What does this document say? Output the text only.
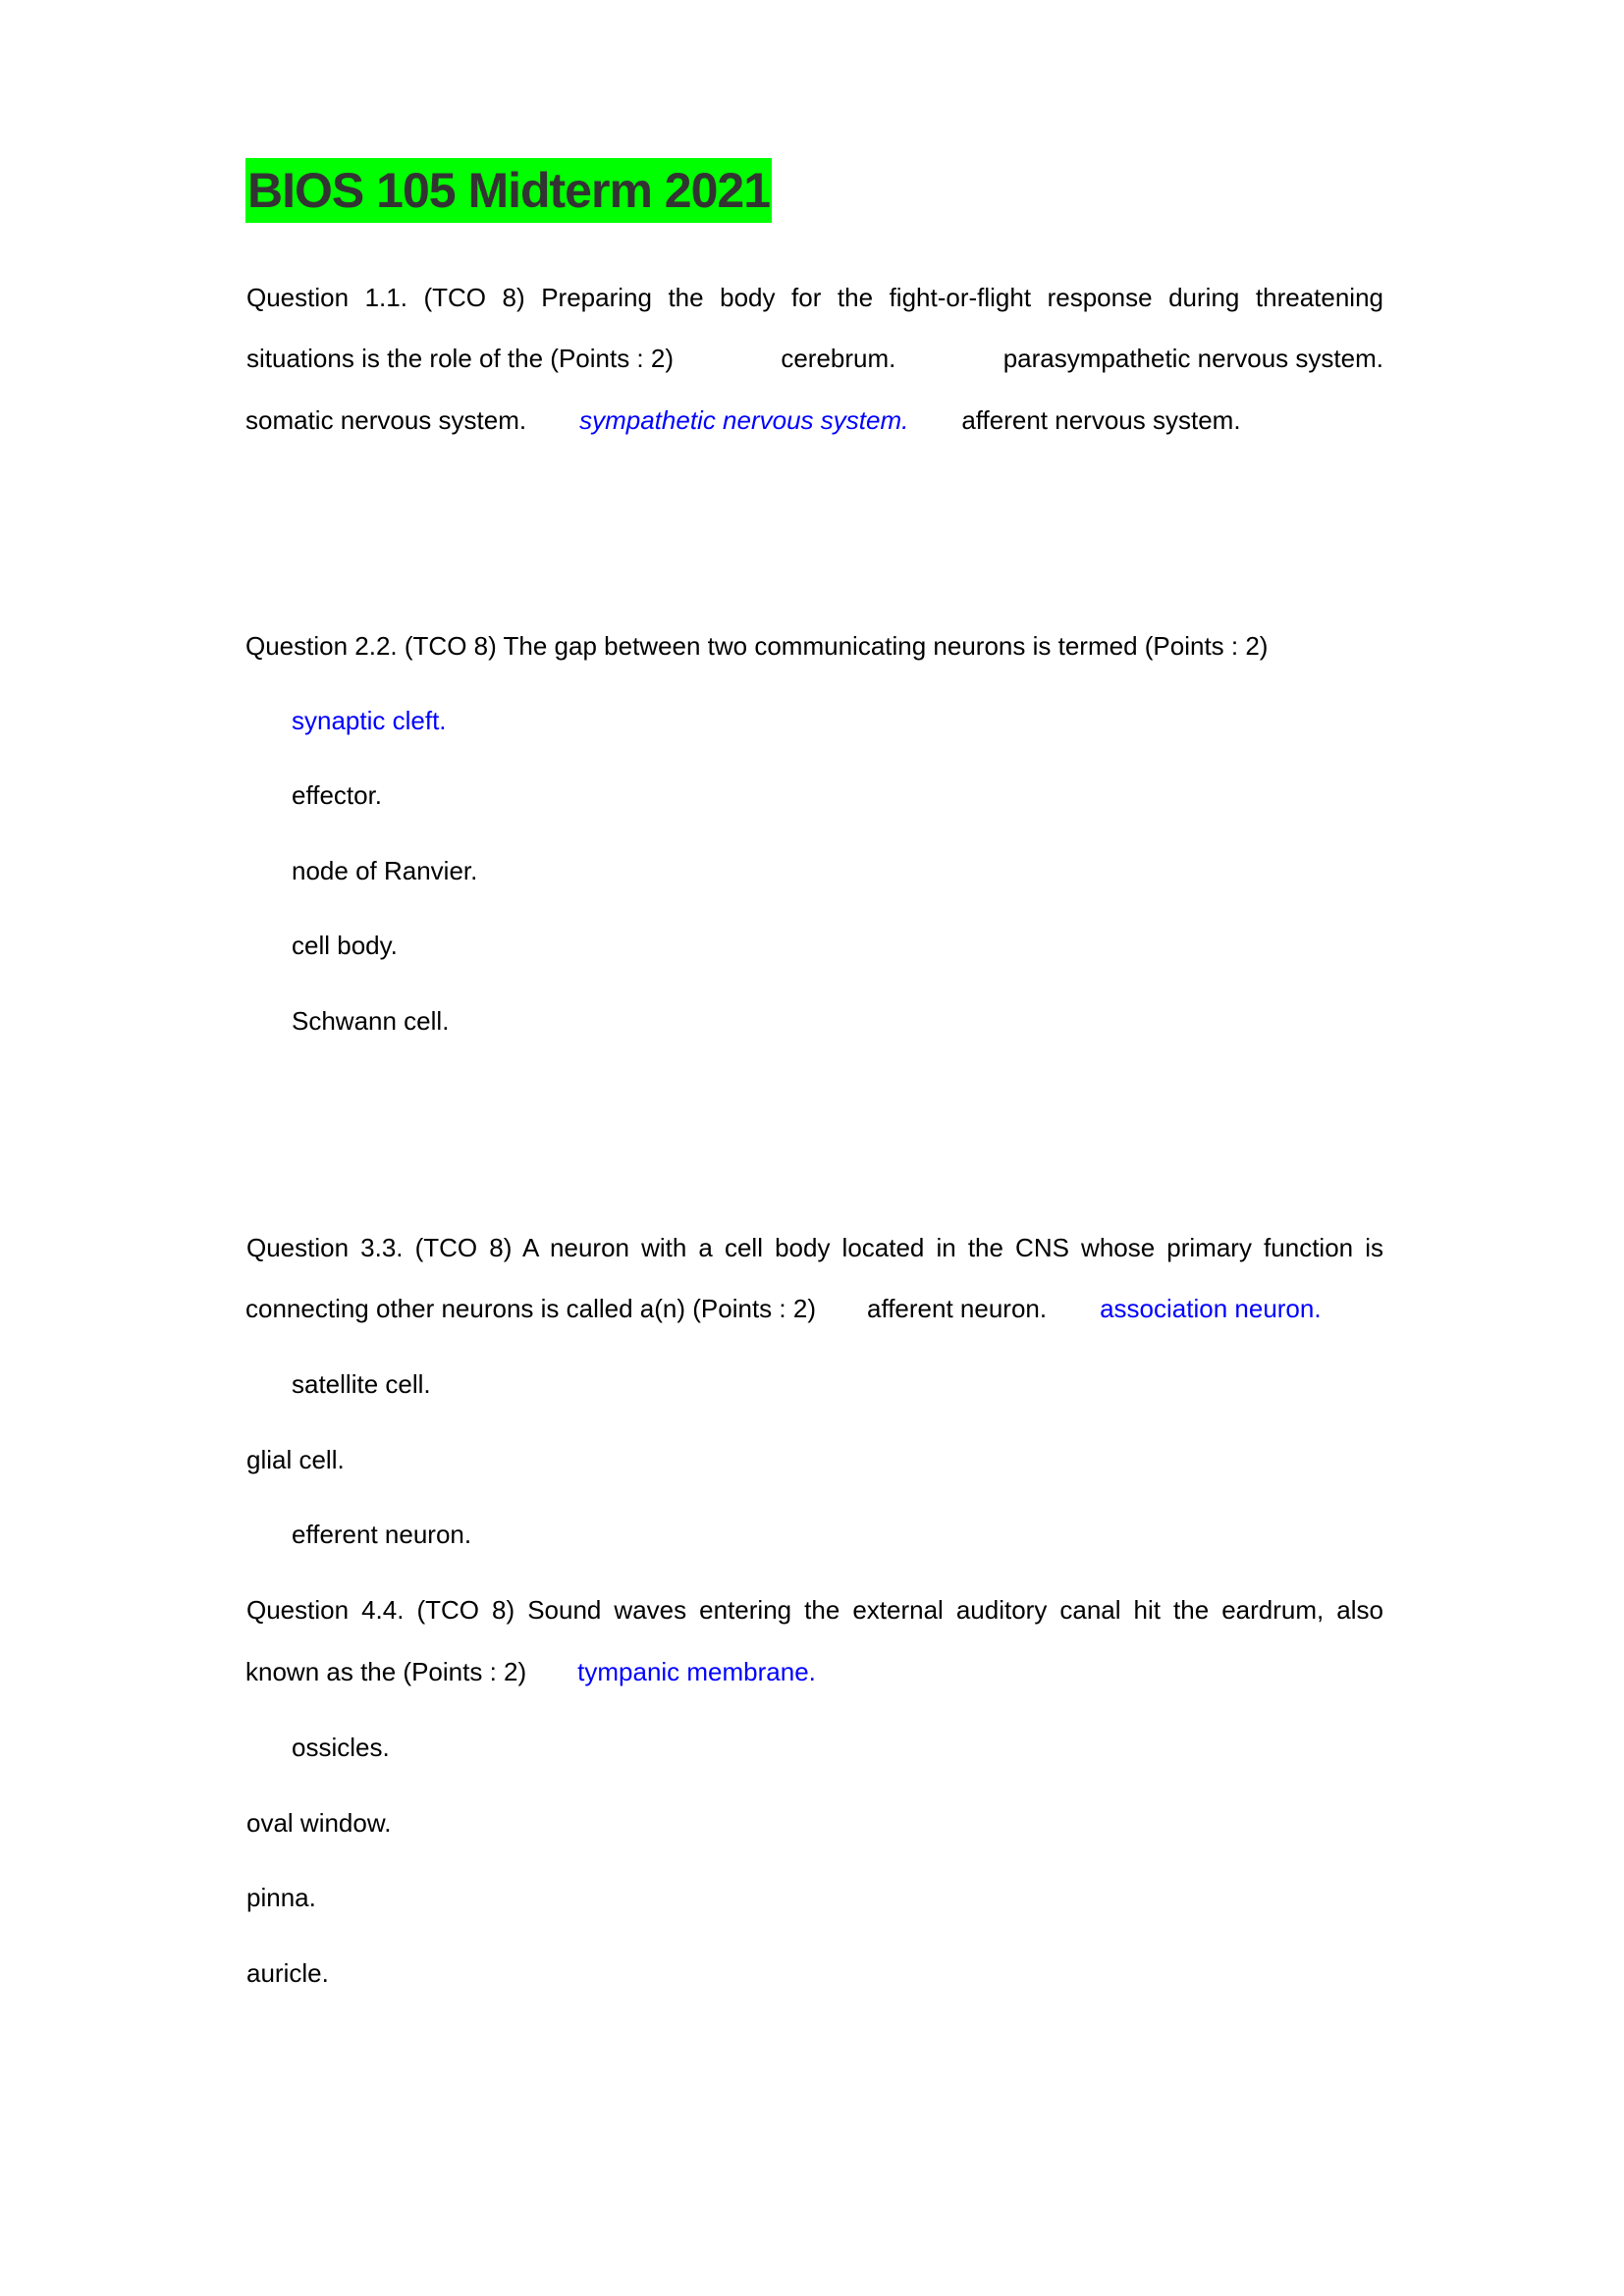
BIOS 105 Midterm 2021
Question 1.1. (TCO 8) Preparing the body for the fight-or-flight response during threatening
situations is the role of the (Points : 2)	cerebrum.	parasympathetic nervous system.
somatic nervous system. sympathetic nervous system. afferent nervous system.
Question 2.2. (TCO 8) The gap between two communicating neurons is termed (Points : 2)
synaptic cleft.
effector.
node of Ranvier.
cell body.
Schwann cell.
Question 3.3. (TCO 8) A neuron with a cell body located in the CNS whose primary function is
connecting other neurons is called a(n) (Points : 2) afferent neuron. association neuron.
satellite cell.
glial cell.
efferent neuron.
Question 4.4. (TCO 8) Sound waves entering the external auditory canal hit the eardrum, also
known as the (Points : 2) tympanic membrane.
ossicles.
oval window.
pinna.
auricle.
